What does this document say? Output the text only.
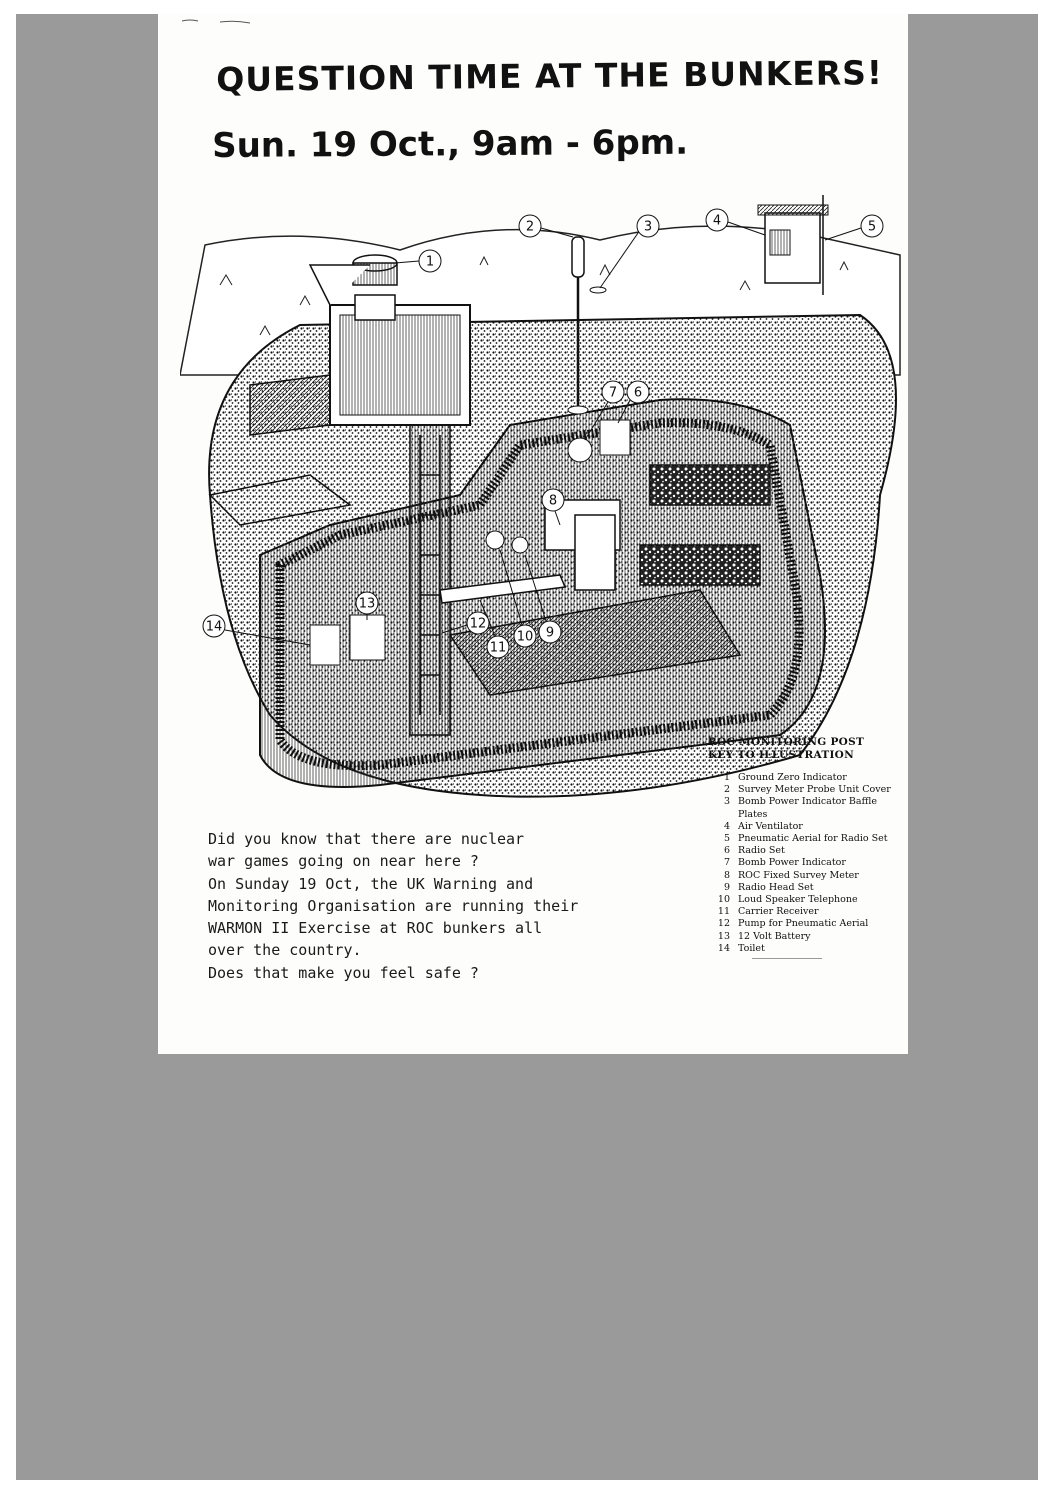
QUESTION TIME AT THE BUNKERS!
Sun. 19 Oct., 9am - 6pm.
1
2	3	4	5
6
7
8
9
10
11
12
13
14
ROC MONITORING POST
KEY TO ILLUSTRATION
1 Ground Zero Indicator
2 Survey Meter Probe Unit Cover
3 Bomb Power Indicator Baffle Plates
4 Air Ventilator
5 Pneumatic Aerial for Radio Set
6 Radio Set
7 Bomb Power Indicator
8 ROC Fixed Survey Meter
9 Radio Head Set
10 Loud Speaker Telephone
11 Carrier Receiver
12 Pump for Pneumatic Aerial
13 12 Volt Battery
14 Toilet
Did you know that there are nuclear
war games going on near here ?
On Sunday 19 Oct, the UK Warning and
Monitoring Organisation are running their
WARMON II Exercise at ROC bunkers all
over the country.
Does that make you feel safe ?
